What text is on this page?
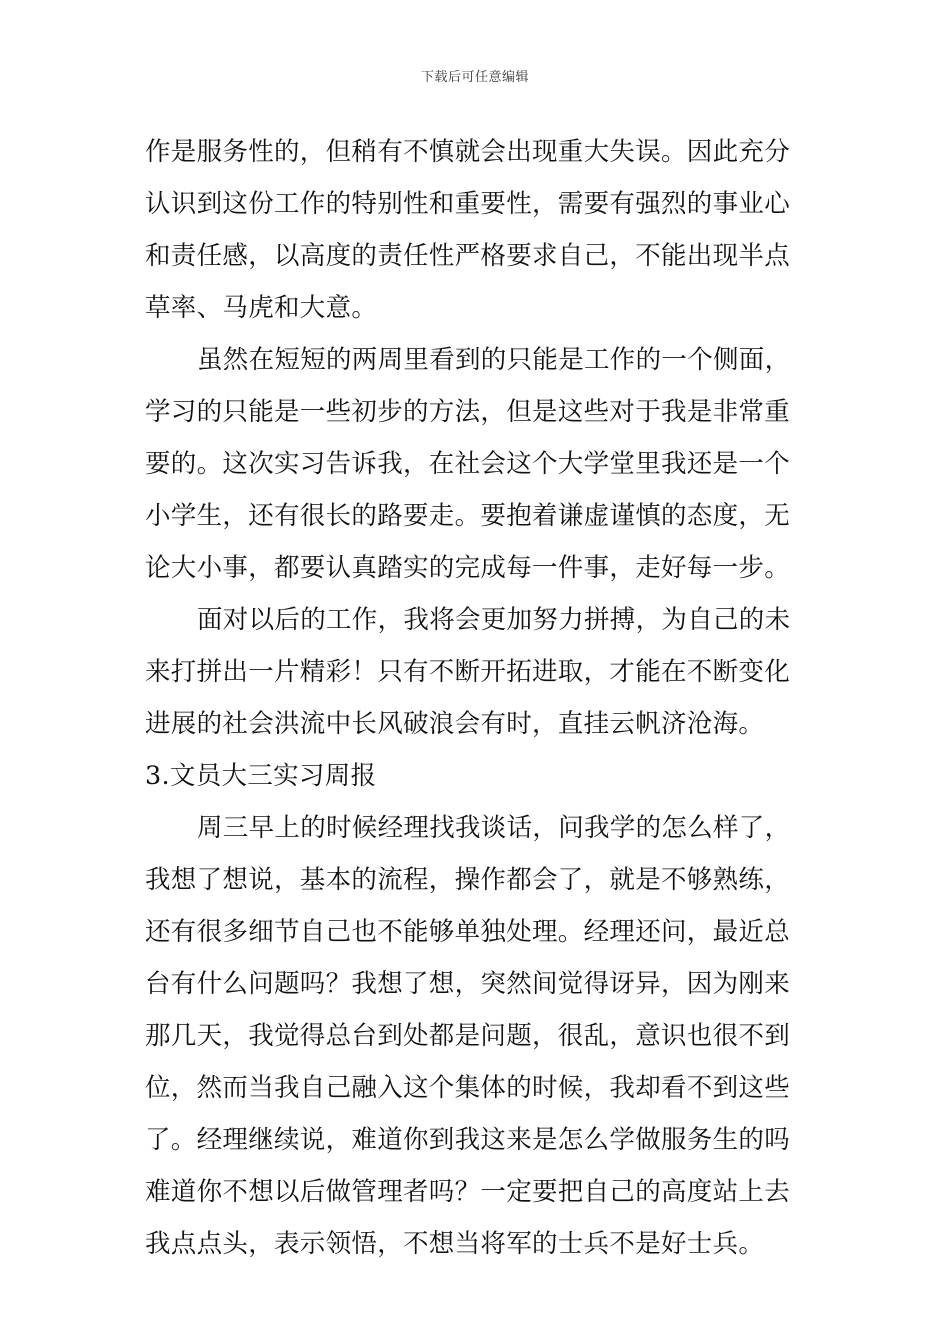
下载后可任意编辑
作是服务性的，但稍有不慎就会出现重大失误。因此充分
认识到这份工作的特别性和重要性，需要有强烈的事业心
和责任感，以高度的责任性严格要求自己，不能出现半点
草率、马虎和大意。
虽然在短短的两周里看到的只能是工作的一个侧面，
学习的只能是一些初步的方法，但是这些对于我是非常重
要的。这次实习告诉我，在社会这个大学堂里我还是一个
小学生，还有很长的路要走。要抱着谦虚谨慎的态度，无
论大小事，都要认真踏实的完成每一件事，走好每一步。
面对以后的工作，我将会更加努力拼搏，为自己的未
来打拼出一片精彩！只有不断开拓进取，才能在不断变化
进展的社会洪流中长风破浪会有时，直挂云帆济沧海。
3.文员大三实习周报
周三早上的时候经理找我谈话，问我学的怎么样了，
我想了想说，基本的流程，操作都会了，就是不够熟练，
还有很多细节自己也不能够单独处理。经理还问，最近总
台有什么问题吗？我想了想，突然间觉得讶异，因为刚来
那几天，我觉得总台到处都是问题，很乱，意识也很不到
位，然而当我自己融入这个集体的时候，我却看不到这些
了。经理继续说，难道你到我这来是怎么学做服务生的吗
难道你不想以后做管理者吗？一定要把自己的高度站上去
我点点头，表示领悟，不想当将军的士兵不是好士兵。
